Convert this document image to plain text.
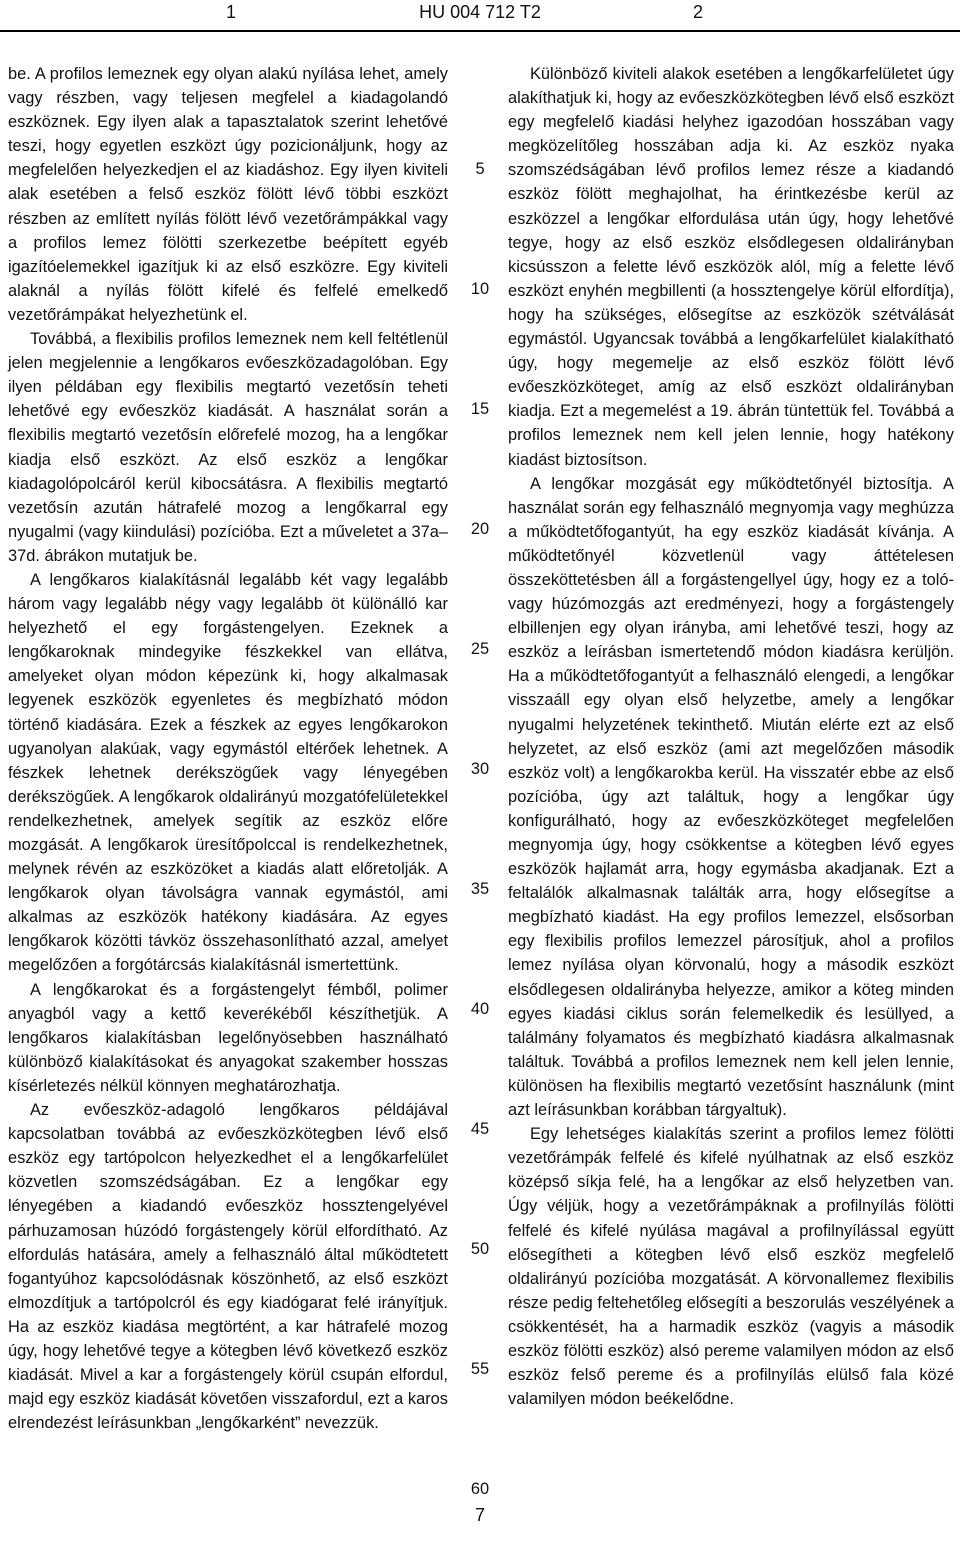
1	HU 004 712 T2	2

be. A profilos lemeznek egy olyan alakú nyílása lehet, amely vagy részben, vagy teljesen megfelel a kiadagolandó eszköznek. Egy ilyen alak a tapasztalatok szerint lehetővé teszi, hogy egyetlen eszközt úgy pozicionáljunk, hogy az megfelelően helyezkedjen el az kiadáshoz. Egy ilyen kiviteli alak esetében a felső eszköz fölött lévő többi eszközt részben az említett nyílás fölött lévő vezetőrámpákkal vagy a profilos lemez fölötti szerkezetbe beépített egyéb igazítóelemekkel igazítjuk ki az első eszközre. Egy kiviteli alaknál a nyílás fölött kifelé és felfelé emelkedő vezetőrámpákat helyezhetünk el.

Továbbá, a flexibilis profilos lemeznek nem kell feltétlenül jelen megjelennie a lengőkaros evőeszközadagolóban. Egy ilyen példában egy flexibilis megtartó vezetősín teheti lehetővé egy evőeszköz kiadását. A használat során a flexibilis megtartó vezetősín előrefelé mozog, ha a lengőkar kiadja első eszközt. Az első eszköz a lengőkar kiadagolópolcáról kerül kibocsátásra. A flexibilis megtartó vezetősín azután hátrafelé mozog a lengőkarral egy nyugalmi (vagy kiindulási) pozícióba. Ezt a műveletet a 37a–37d. ábrákon mutatjuk be.

A lengőkaros kialakításnál legalább két vagy legalább három vagy legalább négy vagy legalább öt különálló kar helyezhető el egy forgástengelyen. Ezeknek a lengőkaroknak mindegyike fészkekkel van ellátva, amelyeket olyan módon képezünk ki, hogy alkalmasak legyenek eszközök egyenletes és megbízható módon történő kiadására. Ezek a fészkek az egyes lengőkarokon ugyanolyan alakúak, vagy egymástól eltérőek lehetnek. A fészkek lehetnek derékszögűek vagy lényegében derékszögűek. A lengőkarok oldalirányú mozgatófelületekkel rendelkezhetnek, amelyek segítik az eszköz előre mozgását. A lengőkarok üresítőpolccal is rendelkezhetnek, melynek révén az eszközöket a kiadás alatt előretolják. A lengőkarok olyan távolságra vannak egymástól, ami alkalmas az eszközök hatékony kiadására. Az egyes lengőkarok közötti távköz összehasonlítható azzal, amelyet megelőzően a forgótárcsás kialakításnál ismertettünk.

A lengőkarokat és a forgástengelyt fémből, polimer anyagból vagy a kettő keverékéből készíthetjük. A lengőkaros kialakításban legelőnyösebben használható különböző kialakításokat és anyagokat szakember hosszas kísérletezés nélkül könnyen meghatározhatja.

Az evőeszköz-adagoló lengőkaros példájával kapcsolatban továbbá az evőeszközkötegben lévő első eszköz egy tartópolcon helyezkedhet el a lengőkarfelület közvetlen szomszédságában. Ez a lengőkar egy lényegében a kiadandó evőeszköz hossztengelyével párhuzamosan húzódó forgástengely körül elfordítható. Az elfordulás hatására, amely a felhasználó által működtetett fogantyúhoz kapcsolódásnak köszönhető, az első eszközt elmozdítjuk a tartópolcról és egy kiadógarat felé irányítjuk. Ha az eszköz kiadása megtörtént, a kar hátrafelé mozog úgy, hogy lehetővé tegye a kötegben lévő következő eszköz kiadását. Mivel a kar a forgástengely körül csupán elfordul, majd egy eszköz kiadását követően visszafordul, ezt a karos elrendezést leírásunkban „lengőkarként” nevezzük.

5
10
15
20
25
30
35
40
45
50
55
60

Különböző kiviteli alakok esetében a lengőkarfelületet úgy alakíthatjuk ki, hogy az evőeszközkötegben lévő első eszközt egy megfelelő kiadási helyhez igazodóan hosszában vagy megközelítőleg hosszában adja ki. Az eszköz nyaka szomszédságában lévő profilos lemez része a kiadandó eszköz fölött meghajolhat, ha érintkezésbe kerül az eszközzel a lengőkar elfordulása után úgy, hogy lehetővé tegye, hogy az első eszköz elsődlegesen oldalirányban kicsússzon a felette lévő eszközök alól, míg a felette lévő eszközt enyhén megbillenti (a hossztengelye körül elfordítja), hogy ha szükséges, elősegítse az eszközök szétválását egymástól. Ugyancsak továbbá a lengőkarfelület kialakítható úgy, hogy megemelje az első eszköz fölött lévő evőeszközköteget, amíg az első eszközt oldalirányban kiadja. Ezt a megemelést a 19. ábrán tüntettük fel. Továbbá a profilos lemeznek nem kell jelen lennie, hogy hatékony kiadást biztosítson.

A lengőkar mozgását egy működtetőnyél biztosítja. A használat során egy felhasználó megnyomja vagy meghúzza a működtetőfogantyút, ha egy eszköz kiadását kívánja. A működtetőnyél közvetlenül vagy áttételesen összeköttetésben áll a forgástengellyel úgy, hogy ez a toló- vagy húzómozgás azt eredményezi, hogy a forgástengely elbillenjen egy olyan irányba, ami lehetővé teszi, hogy az eszköz a leírásban ismertetendő módon kiadásra kerüljön. Ha a működtetőfogantyút a felhasználó elengedi, a lengőkar visszaáll egy olyan első helyzetbe, amely a lengőkar nyugalmi helyzetének tekinthető. Miután elérte ezt az első helyzetet, az első eszköz (ami azt megelőzően második eszköz volt) a lengőkarokba kerül. Ha visszatér ebbe az első pozícióba, úgy azt találtuk, hogy a lengőkar úgy konfigurálható, hogy az evőeszközköteget megfelelően megnyomja úgy, hogy csökkentse a kötegben lévő egyes eszközök hajlamát arra, hogy egymásba akadjanak. Ezt a feltalálók alkalmasnak találták arra, hogy elősegítse a megbízható kiadást. Ha egy profilos lemezzel, elsősorban egy flexibilis profilos lemezzel párosítjuk, ahol a profilos lemez nyílása olyan körvonalú, hogy a második eszközt elsődlegesen oldalirányba helyezze, amikor a köteg minden egyes kiadási ciklus során felemelkedik és lesüllyed, a találmány folyamatos és megbízható kiadásra alkalmasnak találtuk. Továbbá a profilos lemeznek nem kell jelen lennie, különösen ha flexibilis megtartó vezetősínt használunk (mint azt leírásunkban korábban tárgyaltuk).

Egy lehetséges kialakítás szerint a profilos lemez fölötti vezetőrámpák felfelé és kifelé nyúlhatnak az első eszköz középső síkja felé, ha a lengőkar az első helyzetben van. Úgy véljük, hogy a vezetőrámpáknak a profilnyílás fölötti felfelé és kifelé nyúlása magával a profilnyílással együtt elősegítheti a kötegben lévő első eszköz megfelelő oldalirányú pozícióba mozgatását. A körvonallemez flexibilis része pedig feltehetőleg elősegíti a beszorulás veszélyének a csökkentését, ha a harmadik eszköz (vagyis a második eszköz fölötti eszköz) alsó pereme valamilyen módon az első eszköz felső pereme és a profilnyílás elülső fala közé valamilyen módon beékelődne.

7
